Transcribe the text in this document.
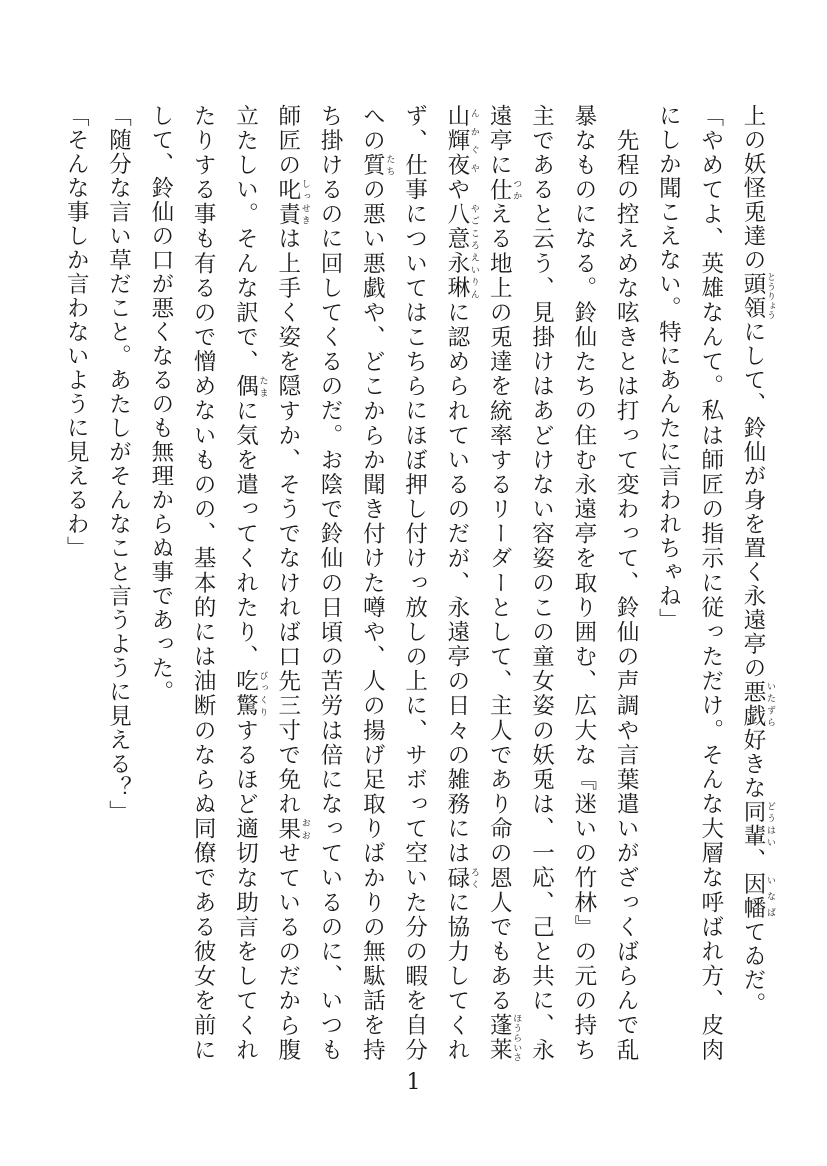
上の妖怪兎達の頭領 とうりょうにして、鈴仙が身を置く永遠亭の悪戯 いたずら好きな同輩 どうはい、因幡 いなばてゐだ。

「やめてよ、英雄なんて。私は師匠の指示に従っただけ。そんな大層な呼ばれ方、皮肉にしか聞こえない。特にあんたに言われちゃね」

　先程の控えめな呟きとは打って変わって、鈴仙の声調や言葉遣いがざっくばらんで乱暴なものになる。鈴仙たちの住む永遠亭を取り囲む、広大な『迷いの竹林』の元の持ち主であると云う、見掛けはあどけない容姿のこの童女姿の妖兎は、一応、己と共に、永遠亭に仕 つかえる地上の兎達を統率するリーダーとして、主人であり命の恩人でもある蓬莱山輝夜ほうらいさんかぐやや八意永琳 やごころえいりんに認められているのだが、永遠亭の日々の雑務には碌 ろくに協力してくれず、仕事についてはこちらにほぼ押し付けっ放しの上に、サボって空いた分の暇を自分への質 たちの悪い悪戯や、どこからか聞き付けた噂や、人の揚げ足取りばかりの無駄話を持ち掛けるのに回してくるのだ。お陰で鈴仙の日頃の苦労は倍になっているのに、いつも師匠の叱責 しっせきは上手く姿を隠すか、そうでなければ口先三寸で免れ果 おおせているのだから腹立たしい。そんな訳で、偶 たまに気を遣ってくれたり、吃驚 びっくりするほど適切な助言をしてくれたりする事も有るので憎めないものの、基本的には油断のならぬ同僚である彼女を前にして、鈴仙の口が悪くなるのも無理からぬ事であった。

「随分な言い草だこと。あたしがそんなこと言うように見える？」

「そんな事しか言わないように見えるわ」

1
